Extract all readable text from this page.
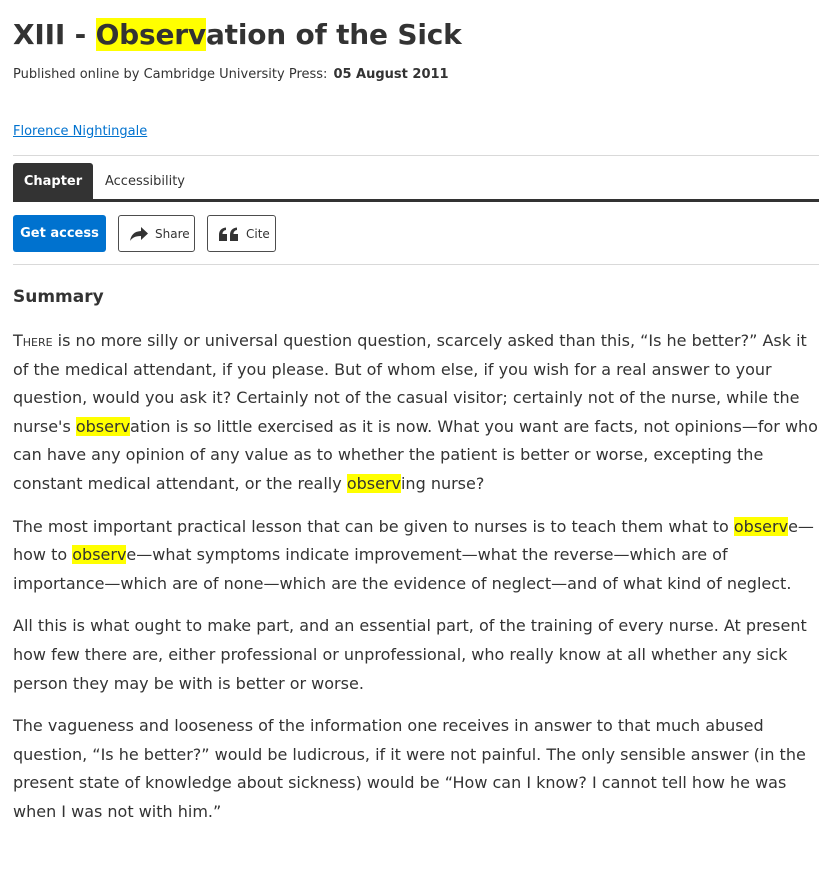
XIII - Observation of the Sick
Published online by Cambridge University Press: 05 August 2011
Florence Nightingale
Chapter	Accessibility
Get access	Share	Cite
Summary

There is no more silly or universal question question, scarcely asked than this, “Is he better?” Ask it of the medical attendant, if you please. But of whom else, if you wish for a real answer to your question, would you ask it? Certainly not of the casual visitor; certainly not of the nurse, while the nurse's observation is so little exercised as it is now. What you want are facts, not opinions—for who can have any opinion of any value as to whether the patient is better or worse, excepting the constant medical attendant, or the really observing nurse?

The most important practical lesson that can be given to nurses is to teach them what to observe—how to observe—what symptoms indicate improvement—what the reverse—which are of importance—which are of none—which are the evidence of neglect—and of what kind of neglect.

All this is what ought to make part, and an essential part, of the training of every nurse. At present how few there are, either professional or unprofessional, who really know at all whether any sick person they may be with is better or worse.

The vagueness and looseness of the information one receives in answer to that much abused question, “Is he better?” would be ludicrous, if it were not painful. The only sensible answer (in the present state of knowledge about sickness) would be “How can I know? I cannot tell how he was when I was not with him.”
